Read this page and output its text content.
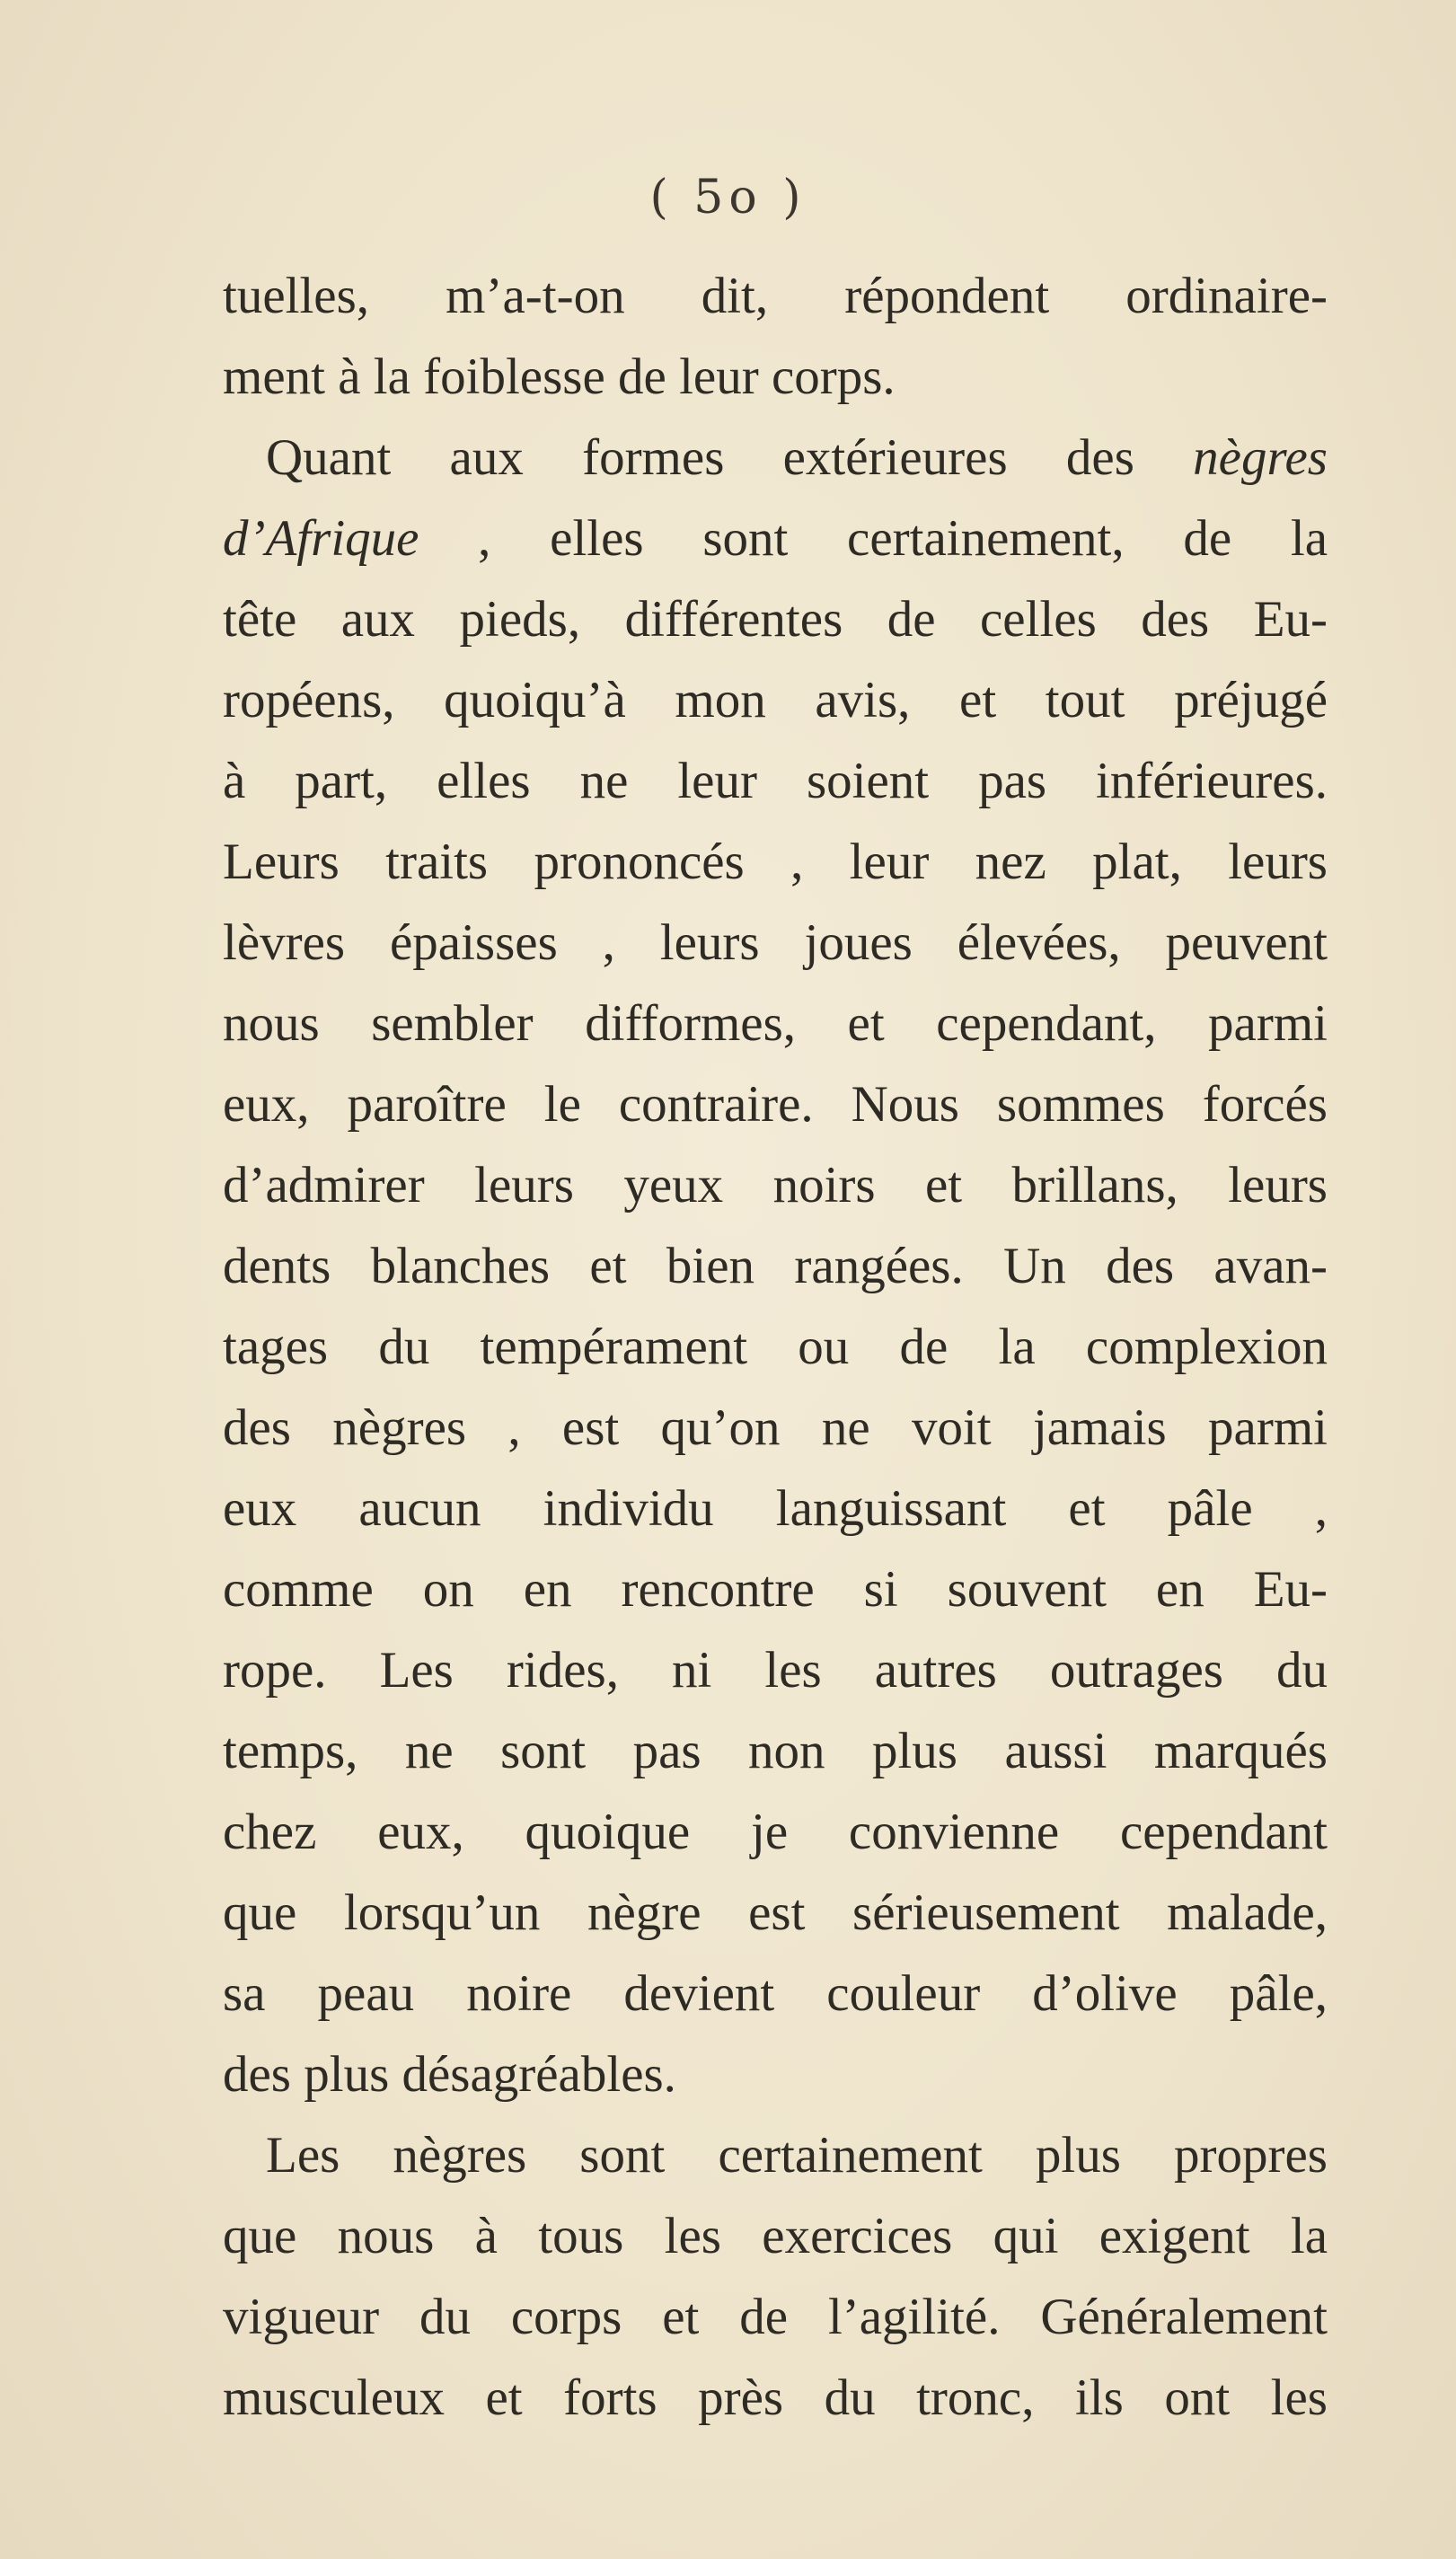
( 5o )
tuelles, m’a-t-on dit, répondent ordinaire-
ment à la foiblesse de leur corps.
Quant aux formes extérieures des nègres
d’Afrique , elles sont certainement, de la
tête aux pieds, différentes de celles des Eu-
ropéens, quoiqu’à mon avis, et tout préjugé
à part, elles ne leur soient pas inférieures.
Leurs traits prononcés , leur nez plat, leurs
lèvres épaisses , leurs joues élevées, peuvent
nous sembler difformes, et cependant, parmi
eux, paroître le contraire. Nous sommes forcés
d’admirer leurs yeux noirs et brillans, leurs
dents blanches et bien rangées. Un des avan-
tages du tempérament ou de la complexion
des nègres , est qu’on ne voit jamais parmi
eux aucun individu languissant et pâle ,
comme on en rencontre si souvent en Eu-
rope. Les rides, ni les autres outrages du
temps, ne sont pas non plus aussi marqués
chez eux, quoique je convienne cependant
que lorsqu’un nègre est sérieusement malade,
sa peau noire devient couleur d’olive pâle,
des plus désagréables.
Les nègres sont certainement plus propres
que nous à tous les exercices qui exigent la
vigueur du corps et de l’agilité. Généralement
musculeux et forts près du tronc, ils ont les
